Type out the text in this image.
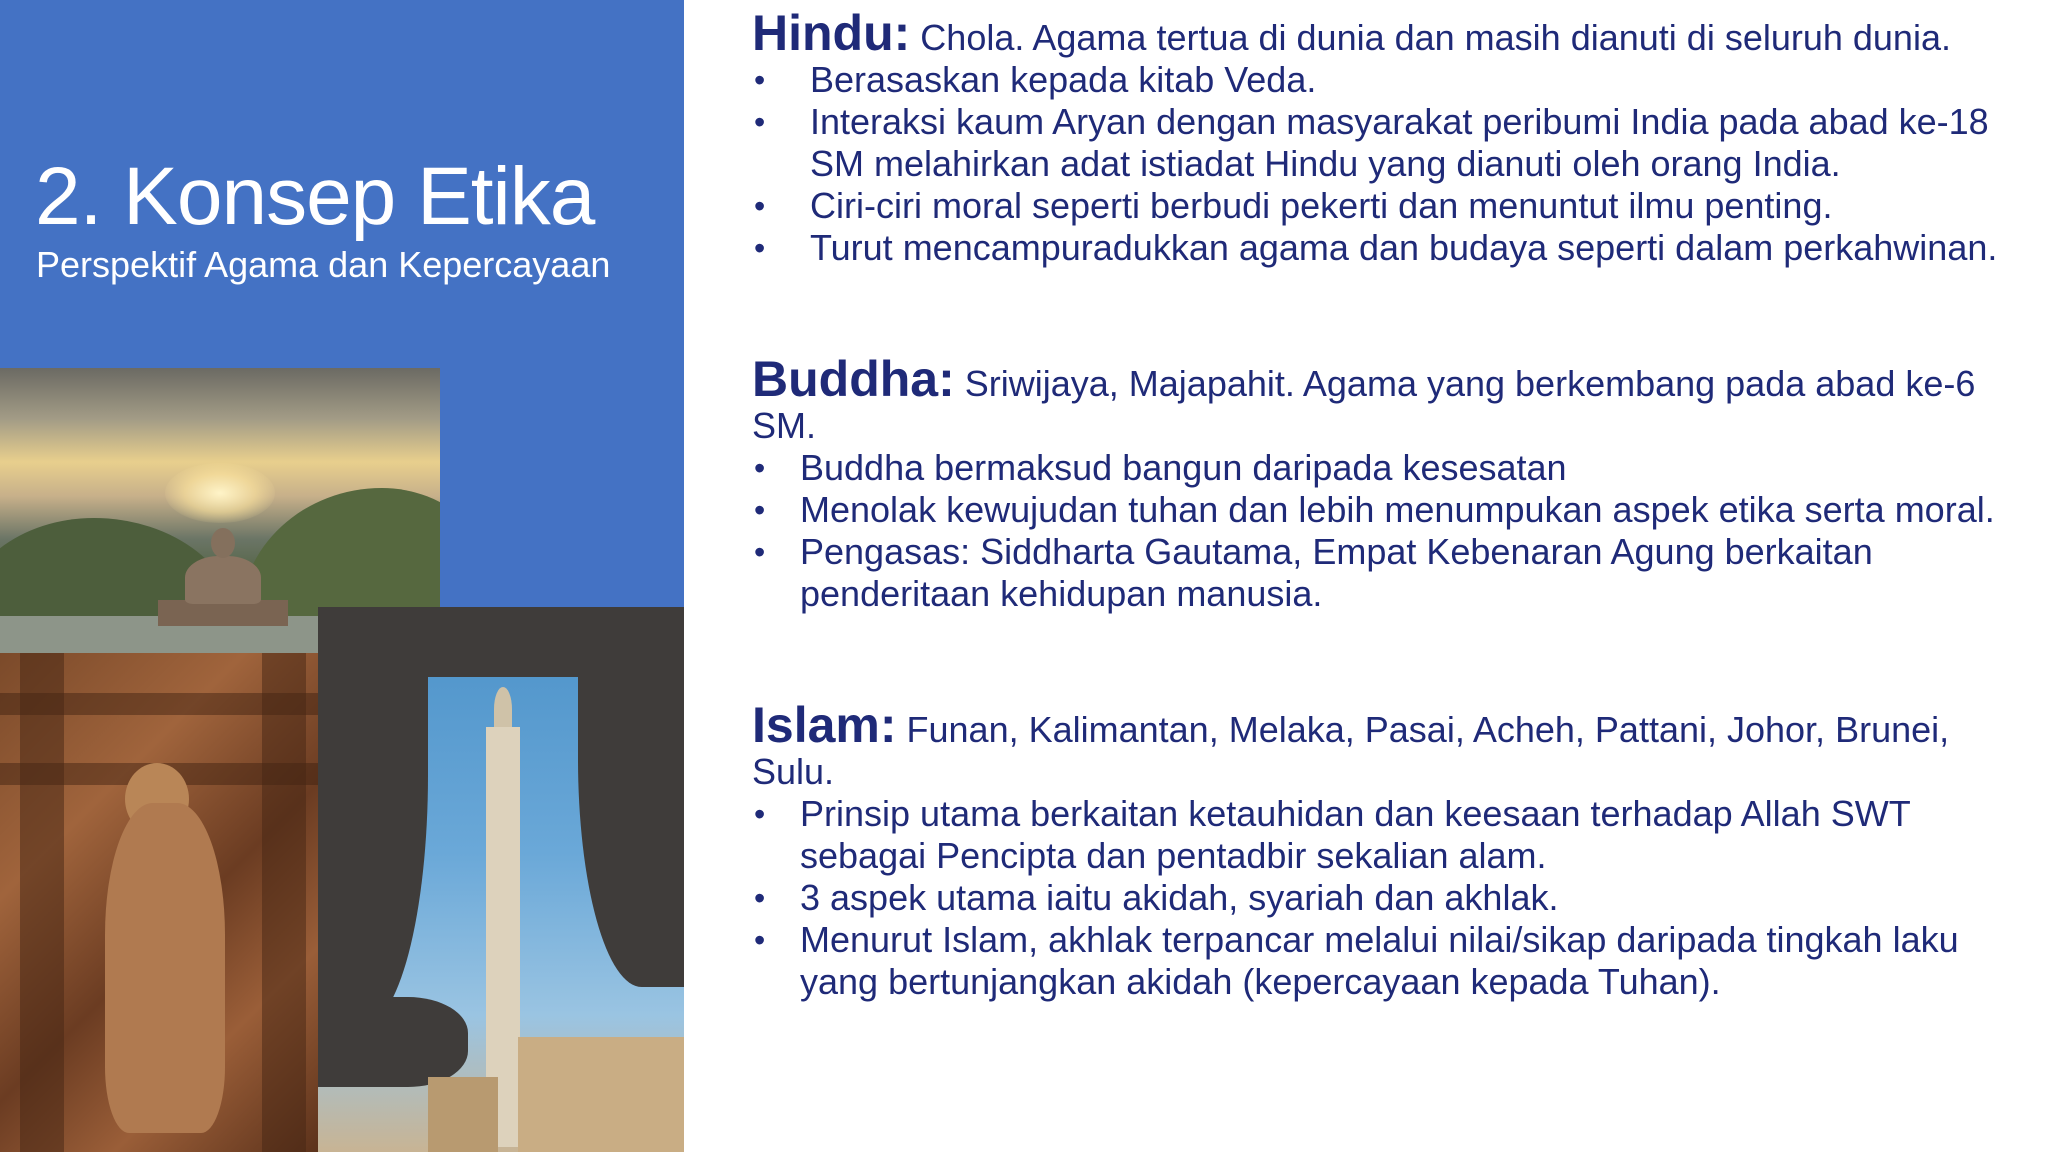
2. Konsep Etika

Perspektif Agama dan Kepercayaan

Hindu: Chola. Agama tertua di dunia dan masih dianuti di seluruh dunia.

• Berasaskan kepada kitab Veda.
• Interaksi kaum Aryan dengan masyarakat peribumi India pada abad ke-18 SM melahirkan adat istiadat Hindu yang dianuti oleh orang India.
• Ciri-ciri moral seperti berbudi pekerti dan menuntut ilmu penting.
• Turut mencampuradukkan agama dan budaya seperti dalam perkahwinan.

Buddha: Sriwijaya, Majapahit. Agama yang berkembang pada abad ke-6 SM.

• Buddha bermaksud bangun daripada kesesatan
• Menolak kewujudan tuhan dan lebih menumpukan aspek etika serta moral.
• Pengasas: Siddharta Gautama, Empat Kebenaran Agung berkaitan penderitaan kehidupan manusia.

Islam: Funan, Kalimantan, Melaka, Pasai, Acheh, Pattani, Johor, Brunei, Sulu.

• Prinsip utama berkaitan ketauhidan dan keesaan terhadap Allah SWT sebagai Pencipta dan pentadbir sekalian alam.
• 3 aspek utama iaitu akidah, syariah dan akhlak.
• Menurut Islam, akhlak terpancar melalui nilai/sikap daripada tingkah laku yang bertunjangkan akidah (kepercayaan kepada Tuhan).
